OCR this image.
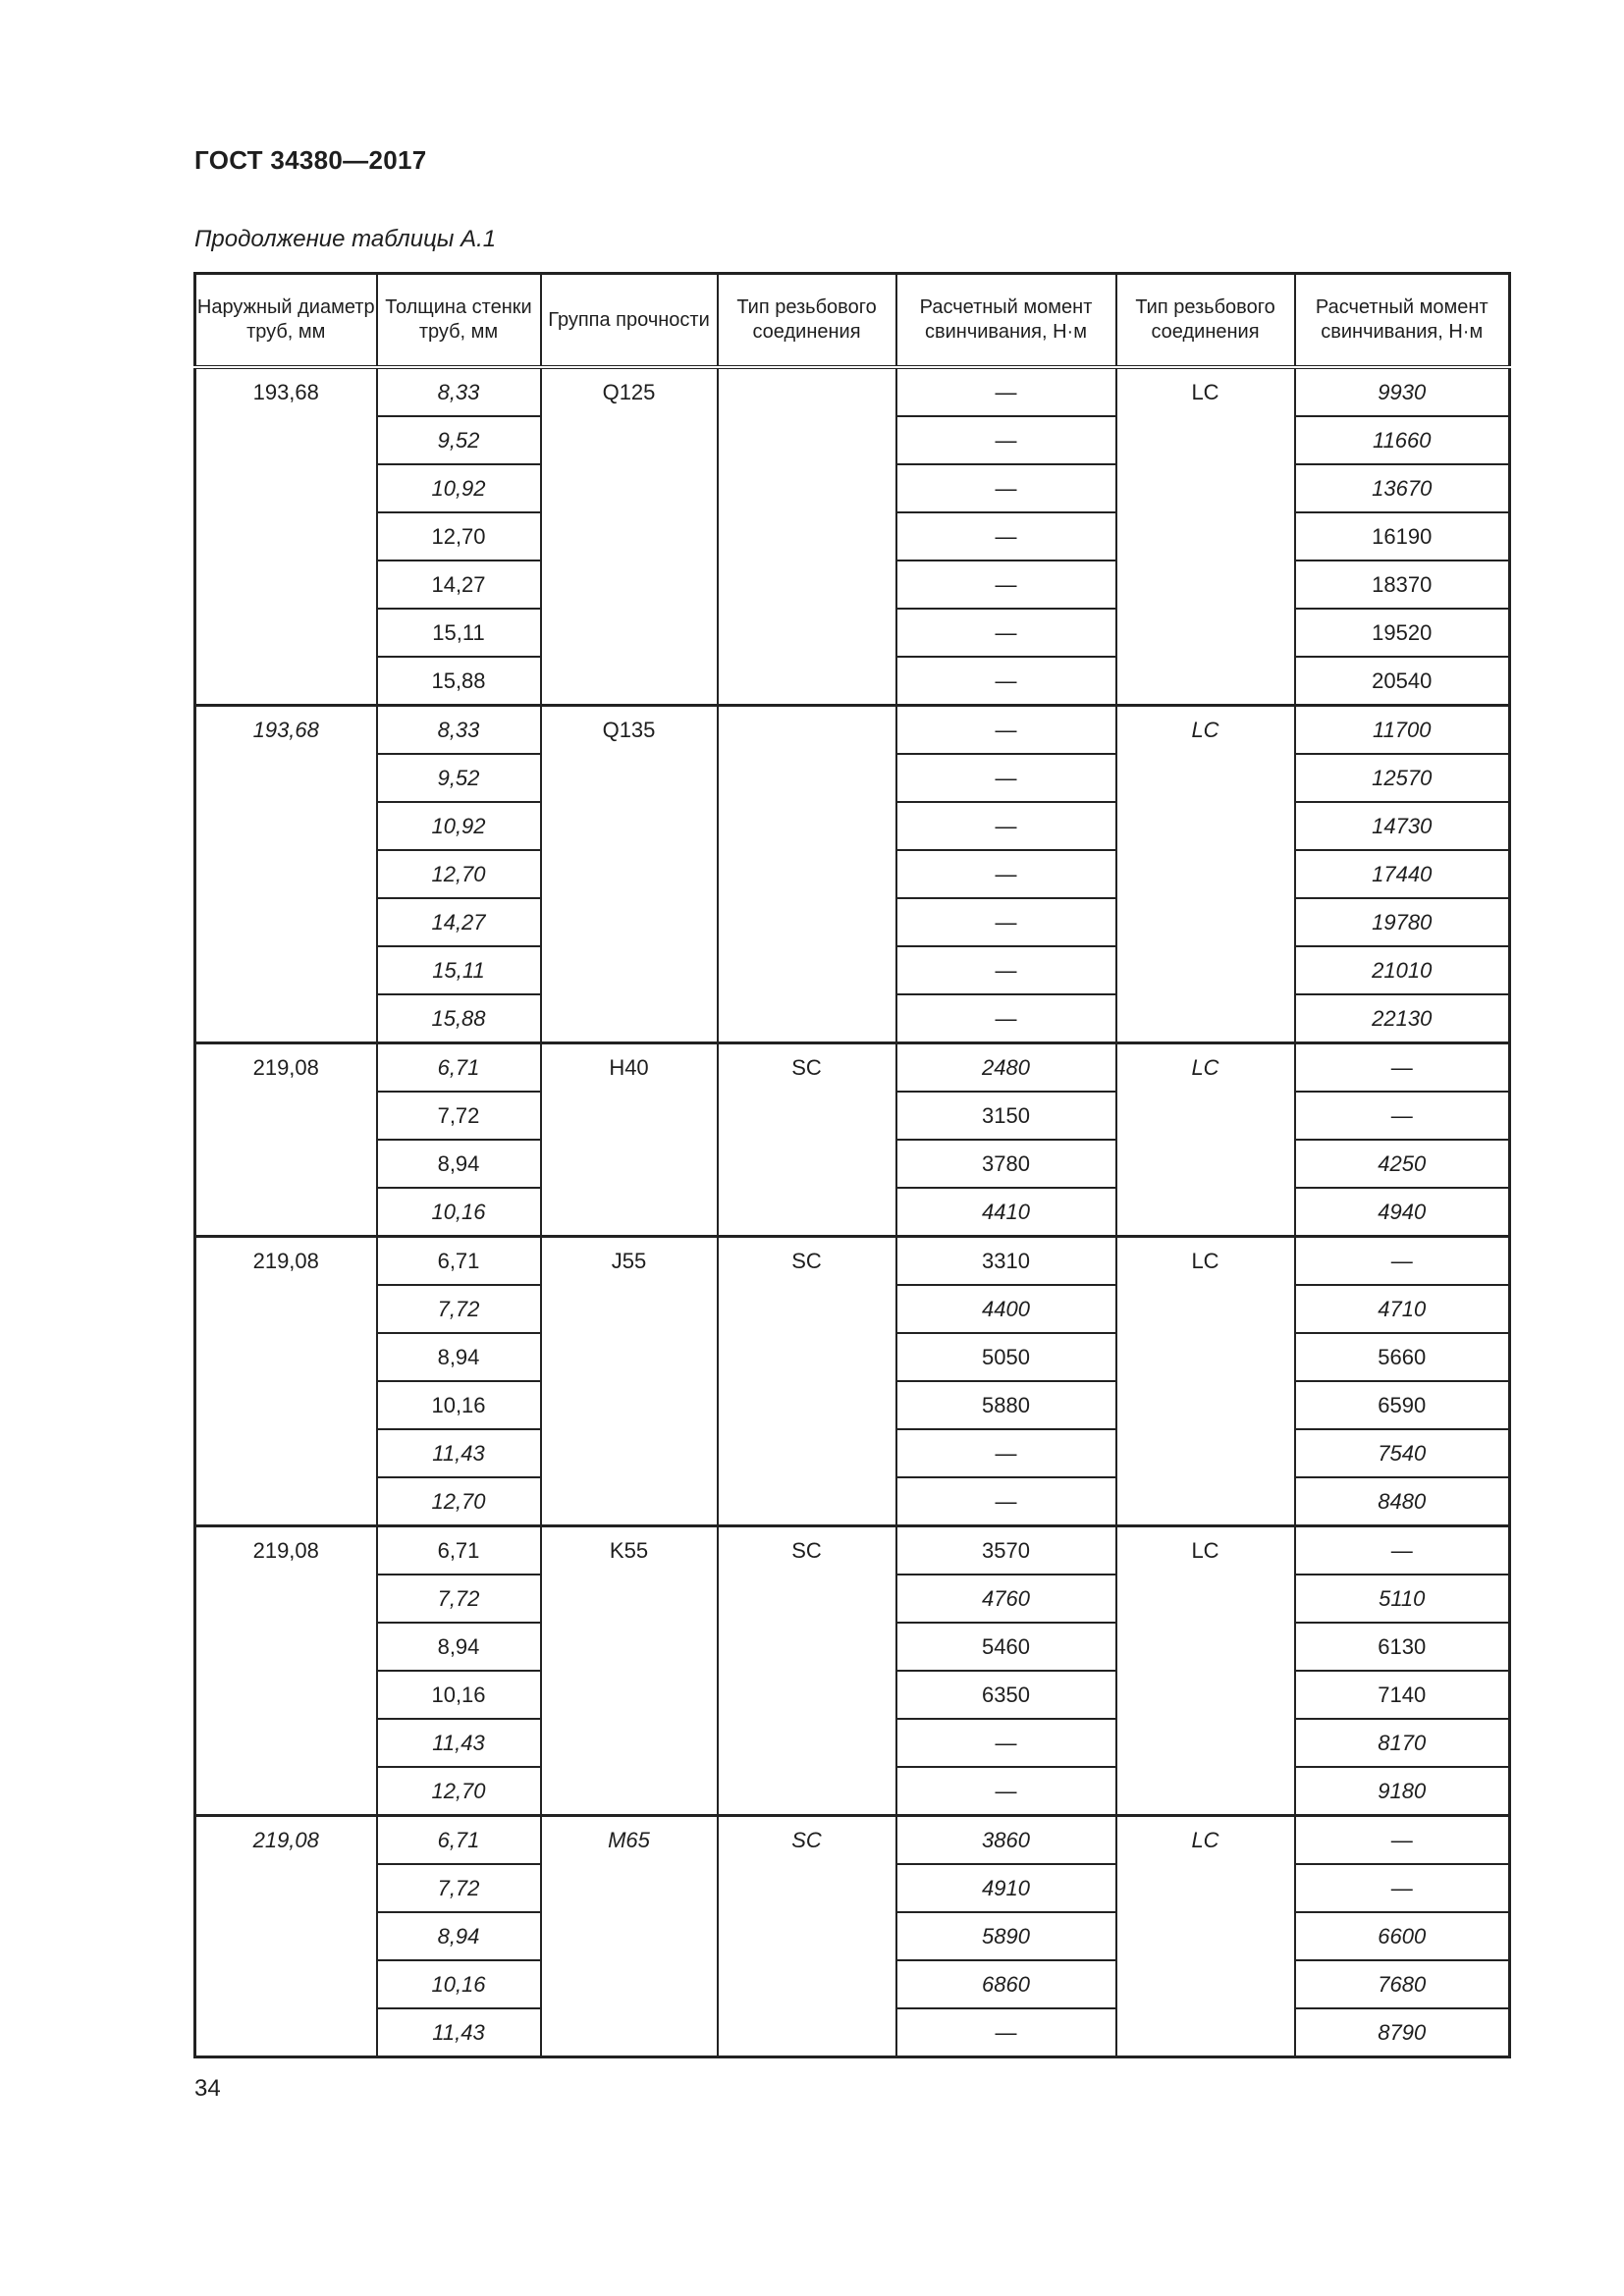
ГОСТ 34380—2017
Продолжение таблицы А.1
Наружный диаметр труб, мм	Толщина стенки труб, мм	Группа прочности	Тип резьбового соединения	Расчетный момент свинчивания, Н·м	Тип резьбового соединения	Расчетный момент свинчивания, Н·м
193,68	8,33	Q125		—	LC	9930
	9,52			—		11660
	10,92			—		13670
	12,70			—		16190
	14,27			—		18370
	15,11			—		19520
	15,88			—		20540
193,68	8,33	Q135		—	LC	11700
	9,52			—		12570
	10,92			—		14730
	12,70			—		17440
	14,27			—		19780
	15,11			—		21010
	15,88			—		22130
219,08	6,71	H40	SC	2480	LC	—
	7,72			3150		—
	8,94			3780		4250
	10,16			4410		4940
219,08	6,71	J55	SC	3310	LC	—
	7,72			4400		4710
	8,94			5050		5660
	10,16			5880		6590
	11,43			—		7540
	12,70			—		8480
219,08	6,71	K55	SC	3570	LC	—
	7,72			4760		5110
	8,94			5460		6130
	10,16			6350		7140
	11,43			—		8170
	12,70			—		9180
219,08	6,71	M65	SC	3860	LC	—
	7,72			4910		—
	8,94			5890		6600
	10,16			6860		7680
	11,43			—		8790
34
